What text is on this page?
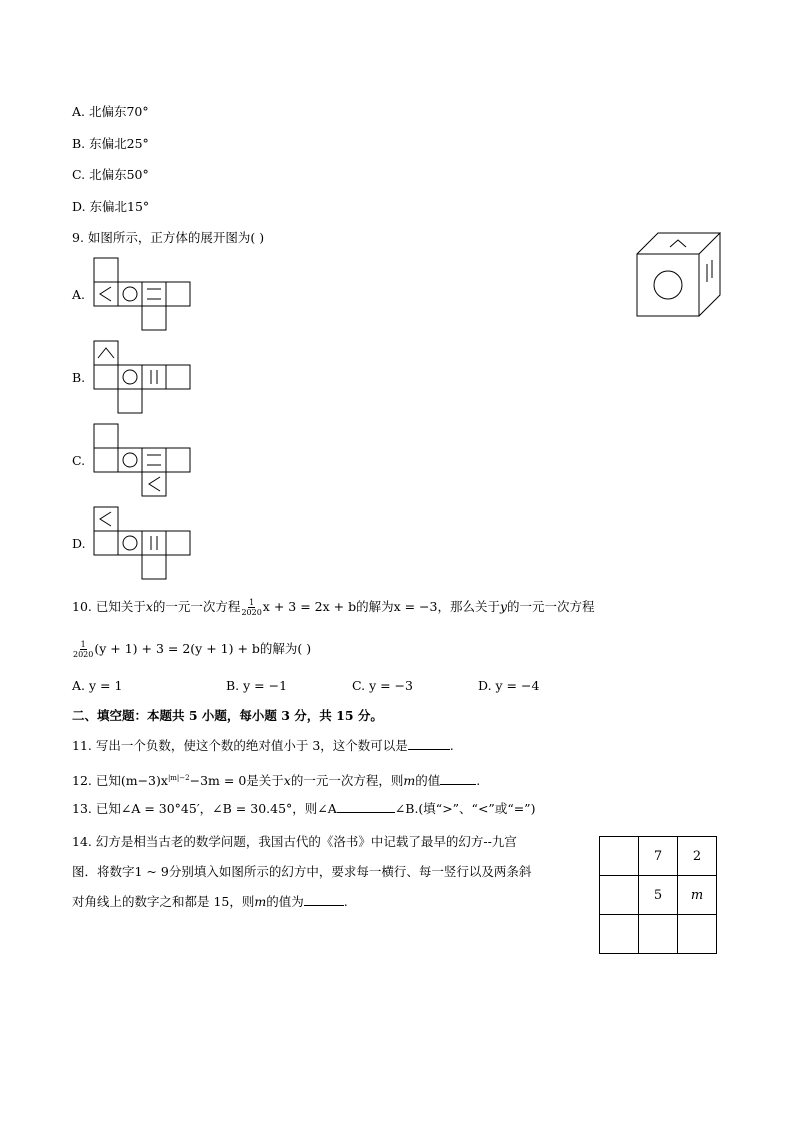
A. 北偏东70°
B. 东偏北25°
C. 北偏东50°
D. 东偏北15°
9. 如图所示，正方体的展开图为( )
A.
B.
C.
D.
10. 已知关于x的一元一次方程 $\frac{1}{2020}$ x + 3 = 2x + b的解为x = −3，那么关于y的一元一次方程
$\frac{1}{2020} (y + 1) + 3 = 2(y + 1) + b$的解为( )
A. y = 1	B. y = −1	C. y = −3	D. y = −4
二、填空题：本题共 5 小题，每小题 3 分，共 15 分。
11. 写出一个负数，使这个数的绝对值小于 3，这个数可以是	.
12. 已知$(m-3)x^{|m|-2}-3m = 0$是关于x的一元一次方程，则m的值	.
13. 已知∠A = 30°45′，∠B = 30.45°，则∠A	∠B.(填“>”、“<”或“=”)
14. 幻方是相当古老的数学问题，我国古代的《洛书》中记载了最早的幻方--九宫
图．将数字1 ~ 9分别填入如图所示的幻方中，要求每一横行、每一竖行以及两条斜
对角线上的数字之和都是 15，则m的值为	.
	7	2
	5	m
